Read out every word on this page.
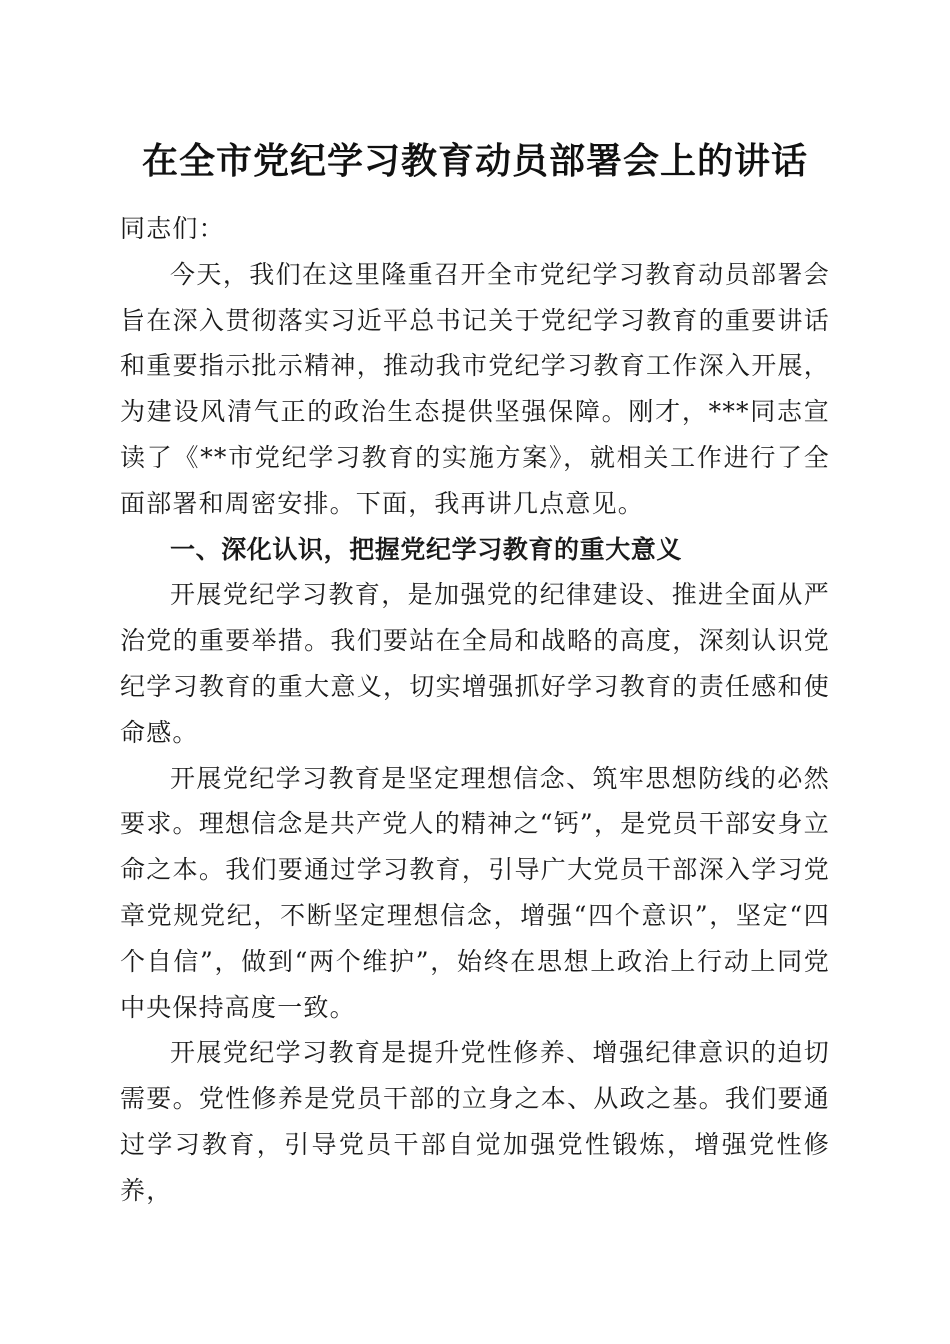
在全市党纪学习教育动员部署会上的讲话

同志们：

今天，我们在这里隆重召开全市党纪学习教育动员部署会旨在深入贯彻落实习近平总书记关于党纪学习教育的重要讲话和重要指示批示精神，推动我市党纪学习教育工作深入开展，为建设风清气正的政治生态提供坚强保障。刚才，***同志宣读了《**市党纪学习教育的实施方案》，就相关工作进行了全面部署和周密安排。下面，我再讲几点意见。

一、深化认识，把握党纪学习教育的重大意义

开展党纪学习教育，是加强党的纪律建设、推进全面从严治党的重要举措。我们要站在全局和战略的高度，深刻认识党纪学习教育的重大意义，切实增强抓好学习教育的责任感和使命感。

开展党纪学习教育是坚定理想信念、筑牢思想防线的必然要求。理想信念是共产党人的精神之“钙”，是党员干部安身立命之本。我们要通过学习教育，引导广大党员干部深入学习党章党规党纪，不断坚定理想信念，增强“四个意识”，坚定“四个自信”，做到“两个维护”，始终在思想上政治上行动上同党中央保持高度一致。

开展党纪学习教育是提升党性修养、增强纪律意识的迫切需要。党性修养是党员干部的立身之本、从政之基。我们要通过学习教育，引导党员干部自觉加强党性锻炼，增强党性修养，
